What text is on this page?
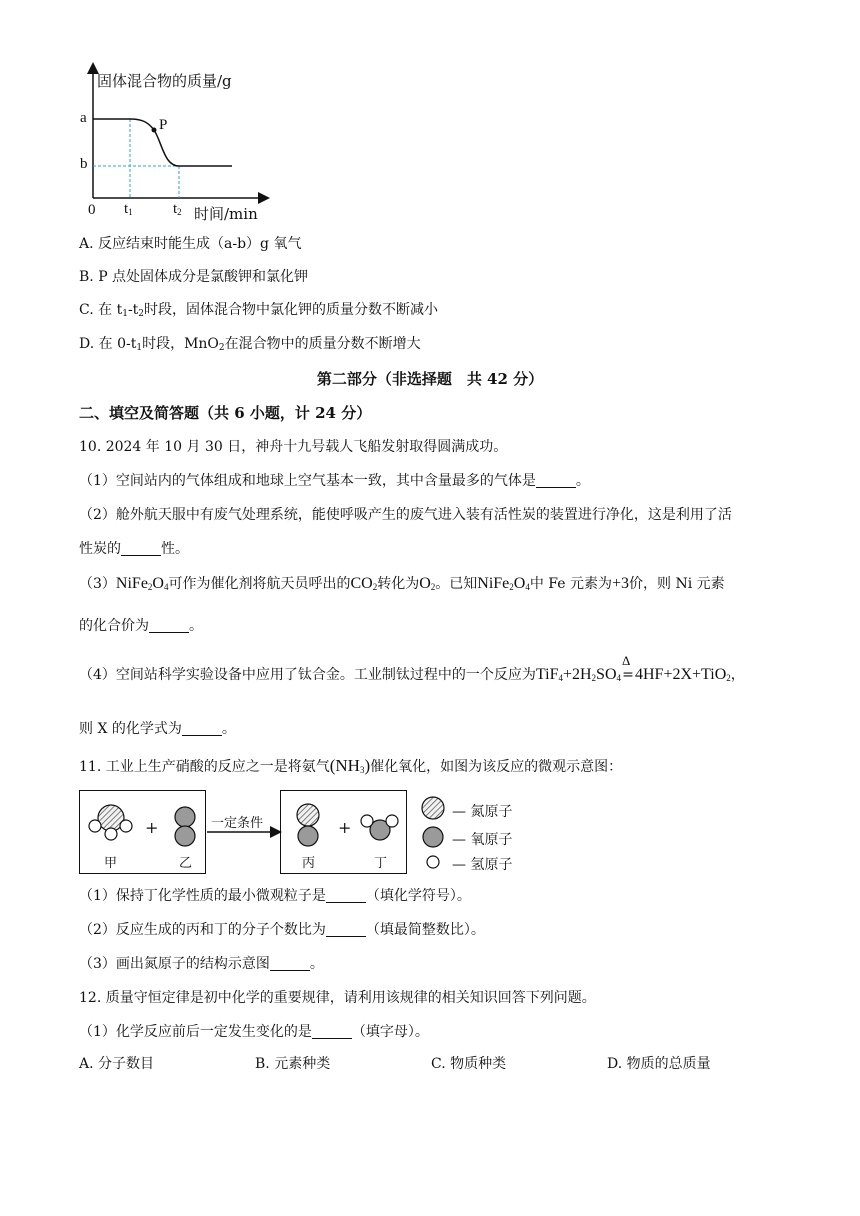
固体混合物的质量/g
a
b
P
0 $t_1$	$t_2$ 时间/min
A. 反应结束时能生成（a-b）g 氧气
B. P 点处固体成分是氯酸钾和氯化钾
C. 在 $t_1-t_2$时段，固体混合物中氯化钾的质量分数不断减小
D. 在 $0-t_1$时段，MnO$_2$在混合物中的质量分数不断增大
第二部分（非选择题　共 42 分）
二、填空及简答题（共 6 小题，计 24 分）
10. 2024 年 10 月 30 日，神舟十九号载人飞船发射取得圆满成功。
（1）空间站内的气体组成和地球上空气基本一致，其中含量最多的气体是	。
（2）舱外航天服中有废气处理系统，能使呼吸产生的废气进入装有活性炭的装置进行净化，这是利用了活
性炭的	性。
$(3)NiFe_2O_4$可作为催化剂将航天员呼出的$CO_2$转化为$O_2$。已知$NiFe_2O_4$中 Fe 元素为+3价，则 Ni 元素
的化合价为	。
（4）空间站科学实验设备中应用了钛合金。工业制钛过程中的一个反应为$TiF_4+2H_2SO_4$
Δ
=4HF+2X+TiO$_2$，
则 X 的化学式为	。
11. 工业上生产硝酸的反应之一是将氨气$(NH_3)$催化氧化，如图为该反应的微观示意图：
+	+
一定条件
甲	乙	丙	丁
— 氮原子
— 氧原子
— 氢原子
（1）保持丁化学性质的最小微观粒子是	（填化学符号）。
（2）反应生成的丙和丁的分子个数比为	（填最简整数比）。
（3）画出氮原子的结构示意图	。
12. 质量守恒定律是初中化学的重要规律，请利用该规律的相关知识回答下列问题。
（1）化学反应前后一定发生变化的是	（填字母）。
A. 分子数目	B. 元素种类	C. 物质种类	D. 物质的总质量
